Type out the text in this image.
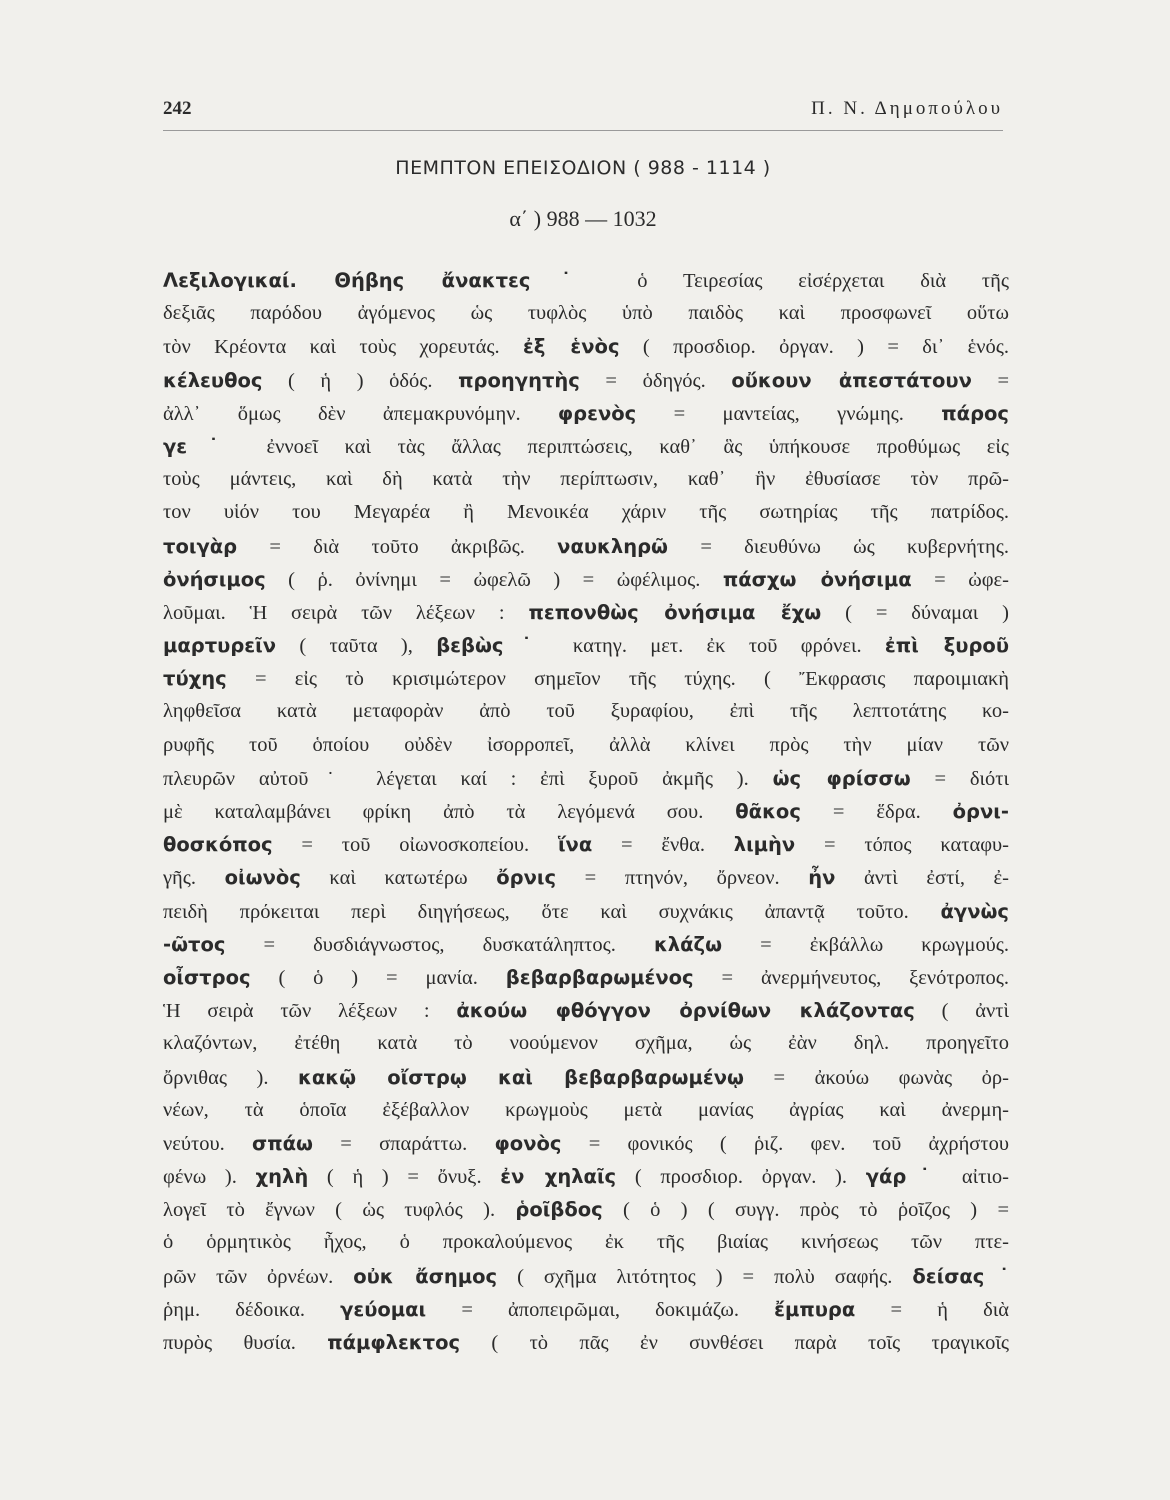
242	Π. Ν. Δημοπούλου
ΠΕΜΠΤΟΝ ΕΠΕΙΣΟΔΙΟΝ ( 988 - 1114 )
α΄ ) 988 — 1032
Λεξιλογικαί. Θήβης ἄνακτες˙ ὁ Τειρεσίας εἰσέρχεται διὰ τῆς
δεξιᾶς παρόδου ἀγόμενος ὡς τυφλὸς ὑπὸ παιδὸς καὶ προσφωνεῖ οὕτω
τὸν Κρέοντα καὶ τοὺς χορευτάς. ἐξ ἑνὸς ( προσδιορ. ὀργαν. ) = δι᾿ ἑνός.
κέλευθος ( ἡ ) ὁδός. προηγητὴς = ὁδηγός. οὔκουν ἀπεστάτουν =
ἀλλ᾿ ὅμως δὲν ἀπεμακρυνόμην. φρενὸς = μαντείας, γνώμης. πάρος
γε˙ ἐννοεῖ καὶ τὰς ἄλλας περιπτώσεις, καθ᾿ ἃς ὑπήκουσε προθύμως εἰς
τοὺς μάντεις, καὶ δὴ κατὰ τὴν περίπτωσιν, καθ᾿ ἣν ἐθυσίασε τὸν πρῶ-
τον υἱόν του Μεγαρέα ἢ Μενοικέα χάριν τῆς σωτηρίας τῆς πατρίδος.
τοιγὰρ = διὰ τοῦτο ἀκριβῶς. ναυκληρῶ = διευθύνω ὡς κυβερνήτης.
ὀνήσιμος ( ῥ. ὀνίνημι = ὠφελῶ ) = ὠφέλιμος. πάσχω ὀνήσιμα = ὠφε-
λοῦμαι. Ἡ σειρὰ τῶν λέξεων : πεπονθὼς ὀνήσιμα ἔχω ( = δύναμαι )
μαρτυρεῖν ( ταῦτα ), βεβὼς˙ κατηγ. μετ. ἐκ τοῦ φρόνει. ἐπὶ ξυροῦ
τύχης = εἰς τὸ κρισιμώτερον σημεῖον τῆς τύχης. ( Ἔκφρασις παροιμιακὴ
ληφθεῖσα κατὰ μεταφορὰν ἀπὸ τοῦ ξυραφίου, ἐπὶ τῆς λεπτοτάτης κο-
ρυφῆς τοῦ ὁποίου οὐδὲν ἰσορροπεῖ, ἀλλὰ κλίνει πρὸς τὴν μίαν τῶν
πλευρῶν αὐτοῦ˙ λέγεται καί : ἐπὶ ξυροῦ ἀκμῆς ). ὡς φρίσσω = διότι
μὲ καταλαμβάνει φρίκη ἀπὸ τὰ λεγόμενά σου. θᾶκος = ἕδρα. ὀρνι-
θοσκόπος = τοῦ οἰωνοσκοπείου. ἵνα = ἔνθα. λιμὴν = τόπος καταφυ-
γῆς. οἰωνὸς καὶ κατωτέρω ὄρνις = πτηνόν, ὄρνεον. ἦν ἀντὶ ἐστί, ἐ-
πειδὴ πρόκειται περὶ διηγήσεως, ὅτε καὶ συχνάκις ἀπαντᾷ τοῦτο. ἀγνὼς
-ῶτος = δυσδιάγνωστος, δυσκατάληπτος. κλάζω = ἐκβάλλω κρωγμούς.
οἶστρος ( ὁ ) = μανία. βεβαρβαρωμένος = ἀνερμήνευτος, ξενότροπος.
Ἡ σειρὰ τῶν λέξεων : ἀκούω φθόγγον ὀρνίθων κλάζοντας ( ἀντὶ
κλαζόντων, ἐτέθη κατὰ τὸ νοούμενον σχῆμα, ὡς ἐὰν δηλ. προηγεῖτο
ὄρνιθας ). κακῷ οἴστρῳ καὶ βεβαρβαρωμένῳ = ἀκούω φωνὰς ὀρ-
νέων, τὰ ὁποῖα ἐξέβαλλον κρωγμοὺς μετὰ μανίας ἀγρίας καὶ ἀνερμη-
νεύτου. σπάω = σπαράττω. φονὸς = φονικός ( ῥιζ. φεν. τοῦ ἀχρήστου
φένω ). χηλὴ ( ἡ ) = ὄνυξ. ἐν χηλαῖς ( προσδιορ. ὀργαν. ). γάρ˙ αἰτιο-
λογεῖ τὸ ἔγνων ( ὡς τυφλός ). ῥοῖβδος ( ὁ ) ( συγγ. πρὸς τὸ ῥοῖζος ) =
ὁ ὁρμητικὸς ἦχος, ὁ προκαλούμενος ἐκ τῆς βιαίας κινήσεως τῶν πτε-
ρῶν τῶν ὀρνέων. οὐκ ἄσημος ( σχῆμα λιτότητος ) = πολὺ σαφής. δείσας˙
ῥημ. δέδοικα. γεύομαι = ἀποπειρῶμαι, δοκιμάζω. ἔμπυρα = ἡ διὰ
πυρὸς θυσία. πάμφλεκτος ( τὸ πᾶς ἐν συνθέσει παρὰ τοῖς τραγικοῖς
